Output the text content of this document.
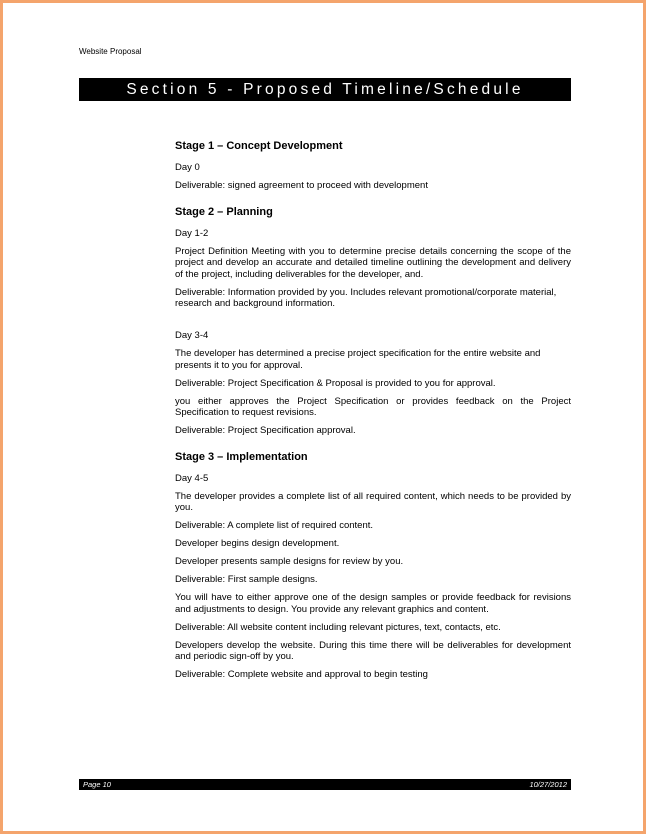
Website Proposal
Section 5 - Proposed Timeline/Schedule
Stage 1 – Concept Development

Day 0

Deliverable: signed agreement to proceed with development

Stage 2 – Planning

Day 1-2

Project Definition Meeting with you to determine precise details concerning the scope of the project and develop an accurate and detailed timeline outlining the development and delivery of the project, including deliverables for the developer, and.

Deliverable: Information provided by you. Includes relevant promotional/corporate material, research and background information.

Day 3-4

The developer has determined a precise project specification for the entire website and presents it to you for approval.

Deliverable: Project Specification & Proposal is provided to you for approval.

you either approves the Project Specification or provides feedback on the Project Specification to request revisions.

Deliverable: Project Specification approval.

Stage 3 – Implementation

Day 4-5

The developer provides a complete list of all required content, which needs to be provided by you.

Deliverable: A complete list of required content.

Developer begins design development.

Developer presents sample designs for review by you.

Deliverable: First sample designs.

You will have to either approve one of the design samples or provide feedback for revisions and adjustments to design. You provide any relevant graphics and content.

Deliverable: All website content including relevant pictures, text, contacts, etc.

Developers develop the website. During this time there will be deliverables for development and periodic sign-off by you.

Deliverable: Complete website and approval to begin testing

Page 10	10/27/2012
